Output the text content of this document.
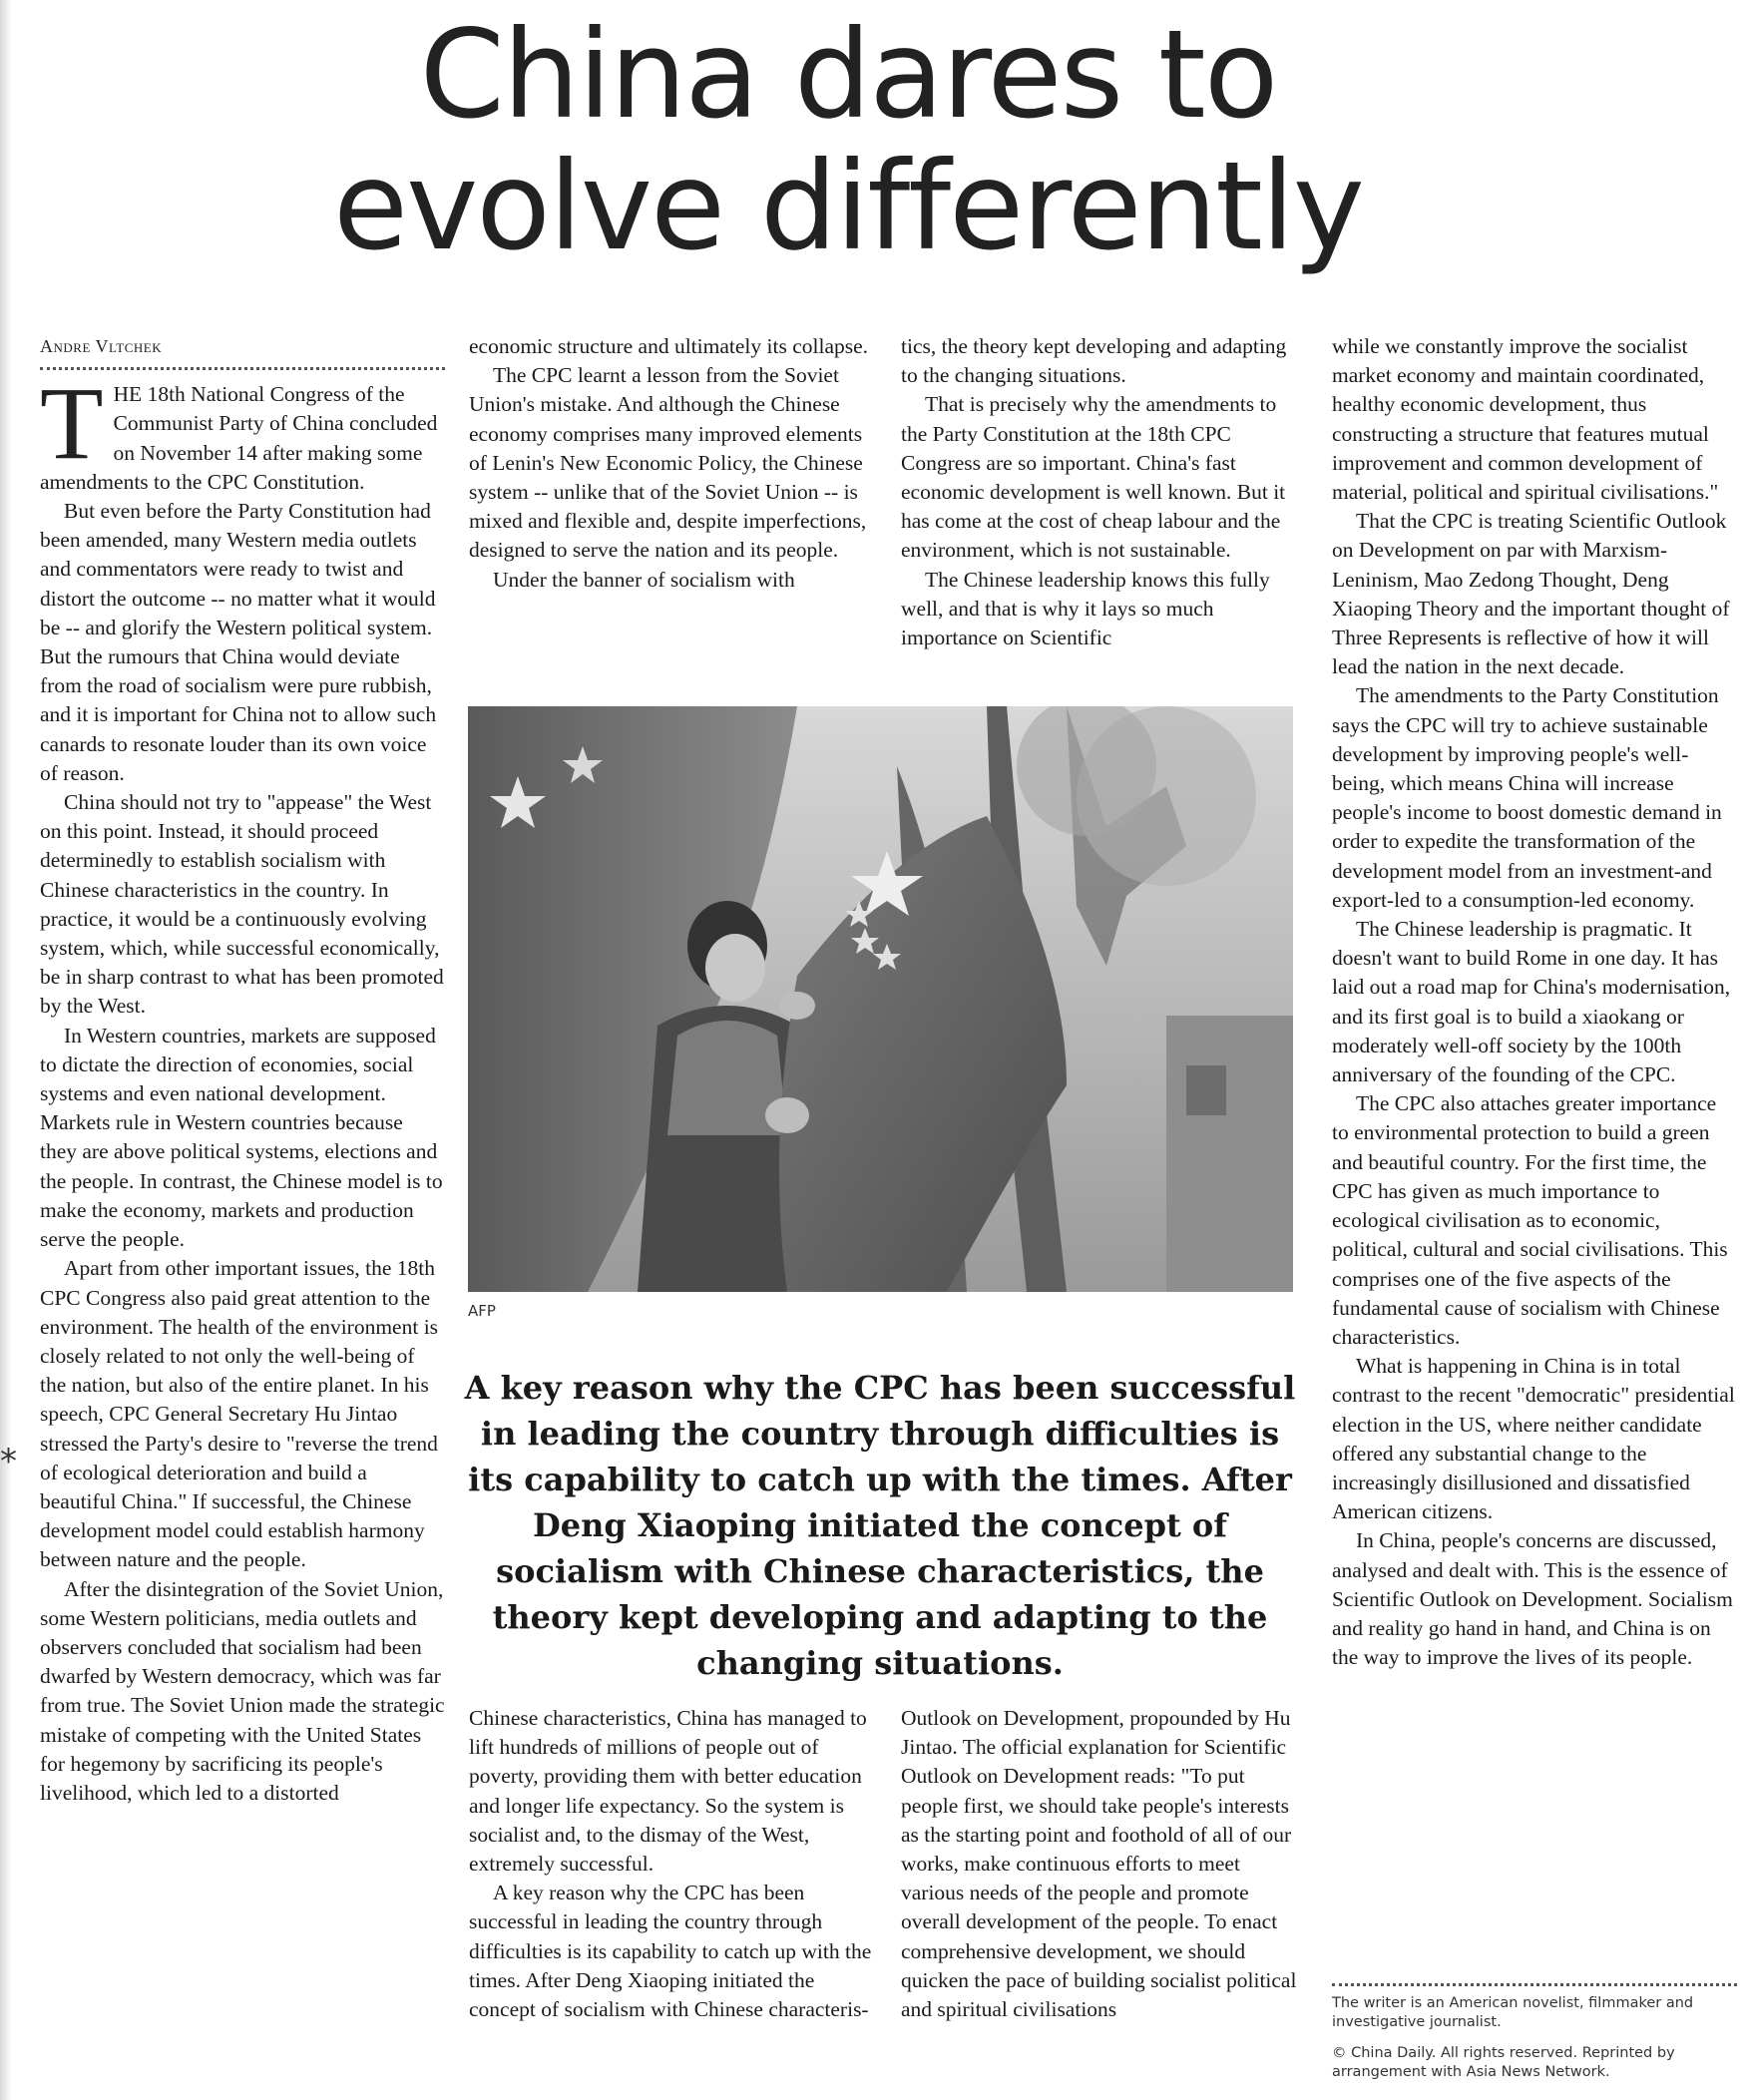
*
China dares to evolve differently
Andre Vltchek

THE 18th National Congress of the Communist Party of China concluded on November 14 after making some amendments to the CPC Constitution.

But even before the Party Constitution had been amended, many Western media outlets and commentators were ready to twist and distort the outcome -- no matter what it would be -- and glorify the Western political system. But the rumours that China would deviate from the road of socialism were pure rubbish, and it is important for China not to allow such canards to resonate louder than its own voice of reason.

China should not try to "appease" the West on this point. Instead, it should proceed determinedly to establish socialism with Chinese characteristics in the country. In practice, it would be a continuously evolving system, which, while successful economically, be in sharp contrast to what has been promoted by the West.

In Western countries, markets are supposed to dictate the direction of economies, social systems and even national development. Markets rule in Western countries because they are above political systems, elections and the people. In contrast, the Chinese model is to make the economy, markets and production serve the people.

Apart from other important issues, the 18th CPC Congress also paid great attention to the environment. The health of the environment is closely related to not only the well-being of the nation, but also of the entire planet. In his speech, CPC General Secretary Hu Jintao stressed the Party's desire to "reverse the trend of ecological deterioration and build a beautiful China." If successful, the Chinese development model could establish harmony between nature and the people.

After the disintegration of the Soviet Union, some Western politicians, media outlets and observers concluded that socialism had been dwarfed by Western democracy, which was far from true. The Soviet Union made the strategic mistake of competing with the United States for hegemony by sacrificing its people's livelihood, which led to a distorted

economic structure and ultimately its collapse.

The CPC learnt a lesson from the Soviet Union's mistake. And although the Chinese economy comprises many improved elements of Lenin's New Economic Policy, the Chinese system -- unlike that of the Soviet Union -- is mixed and flexible and, despite imperfections, designed to serve the nation and its people.

Under the banner of socialism with

tics, the theory kept developing and adapting to the changing situations.

That is precisely why the amendments to the Party Constitution at the 18th CPC Congress are so important. China's fast economic development is well known. But it has come at the cost of cheap labour and the environment, which is not sustainable.

The Chinese leadership knows this fully well, and that is why it lays so much importance on Scientific

while we constantly improve the socialist market economy and maintain coordinated, healthy economic development, thus constructing a structure that features mutual improvement and common development of material, political and spiritual civilisations."

That the CPC is treating Scientific Outlook on Development on par with Marxism-Leninism, Mao Zedong Thought, Deng Xiaoping Theory and the important thought of Three Represents is reflective of how it will lead the nation in the next decade.

The amendments to the Party Constitution says the CPC will try to achieve sustainable development by improving people's well-being, which means China will increase people's income to boost domestic demand in order to expedite the transformation of the development model from an investment-and export-led to a consumption-led economy.

The Chinese leadership is pragmatic. It doesn't want to build Rome in one day. It has laid out a road map for China's modernisation, and its first goal is to build a xiaokang or moderately well-off society by the 100th anniversary of the founding of the CPC.

The CPC also attaches greater importance to environmental protection to build a green and beautiful country. For the first time, the CPC has given as much importance to ecological civilisation as to economic, political, cultural and social civilisations. This comprises one of the five aspects of the fundamental cause of socialism with Chinese characteristics.

What is happening in China is in total contrast to the recent "democratic" presidential election in the US, where neither candidate offered any substantial change to the increasingly disillusioned and dissatisfied American citizens.

In China, people's concerns are discussed, analysed and dealt with. This is the essence of Scientific Outlook on Development. Socialism and reality go hand in hand, and China is on the way to improve the lives of its people.

AFP
A key reason why the CPC has been successful in leading the country through difficulties is its capability to catch up with the times. After Deng Xiaoping initiated the concept of socialism with Chinese characteristics, the theory kept developing and adapting to the changing situations.

Chinese characteristics, China has managed to lift hundreds of millions of people out of poverty, providing them with better education and longer life expectancy. So the system is socialist and, to the dismay of the West, extremely successful.

A key reason why the CPC has been successful in leading the country through difficulties is its capability to catch up with the times. After Deng Xiaoping initiated the concept of socialism with Chinese characteris-

Outlook on Development, propounded by Hu Jintao. The official explanation for Scientific Outlook on Development reads: "To put people first, we should take people's interests as the starting point and foothold of all of our works, make continuous efforts to meet various needs of the people and promote overall development of the people. To enact comprehensive development, we should quicken the pace of building socialist political and spiritual civilisations	The writer is an American novelist, filmmaker and investigative journalist.

© China Daily. All rights reserved. Reprinted by arrangement with Asia News Network.
